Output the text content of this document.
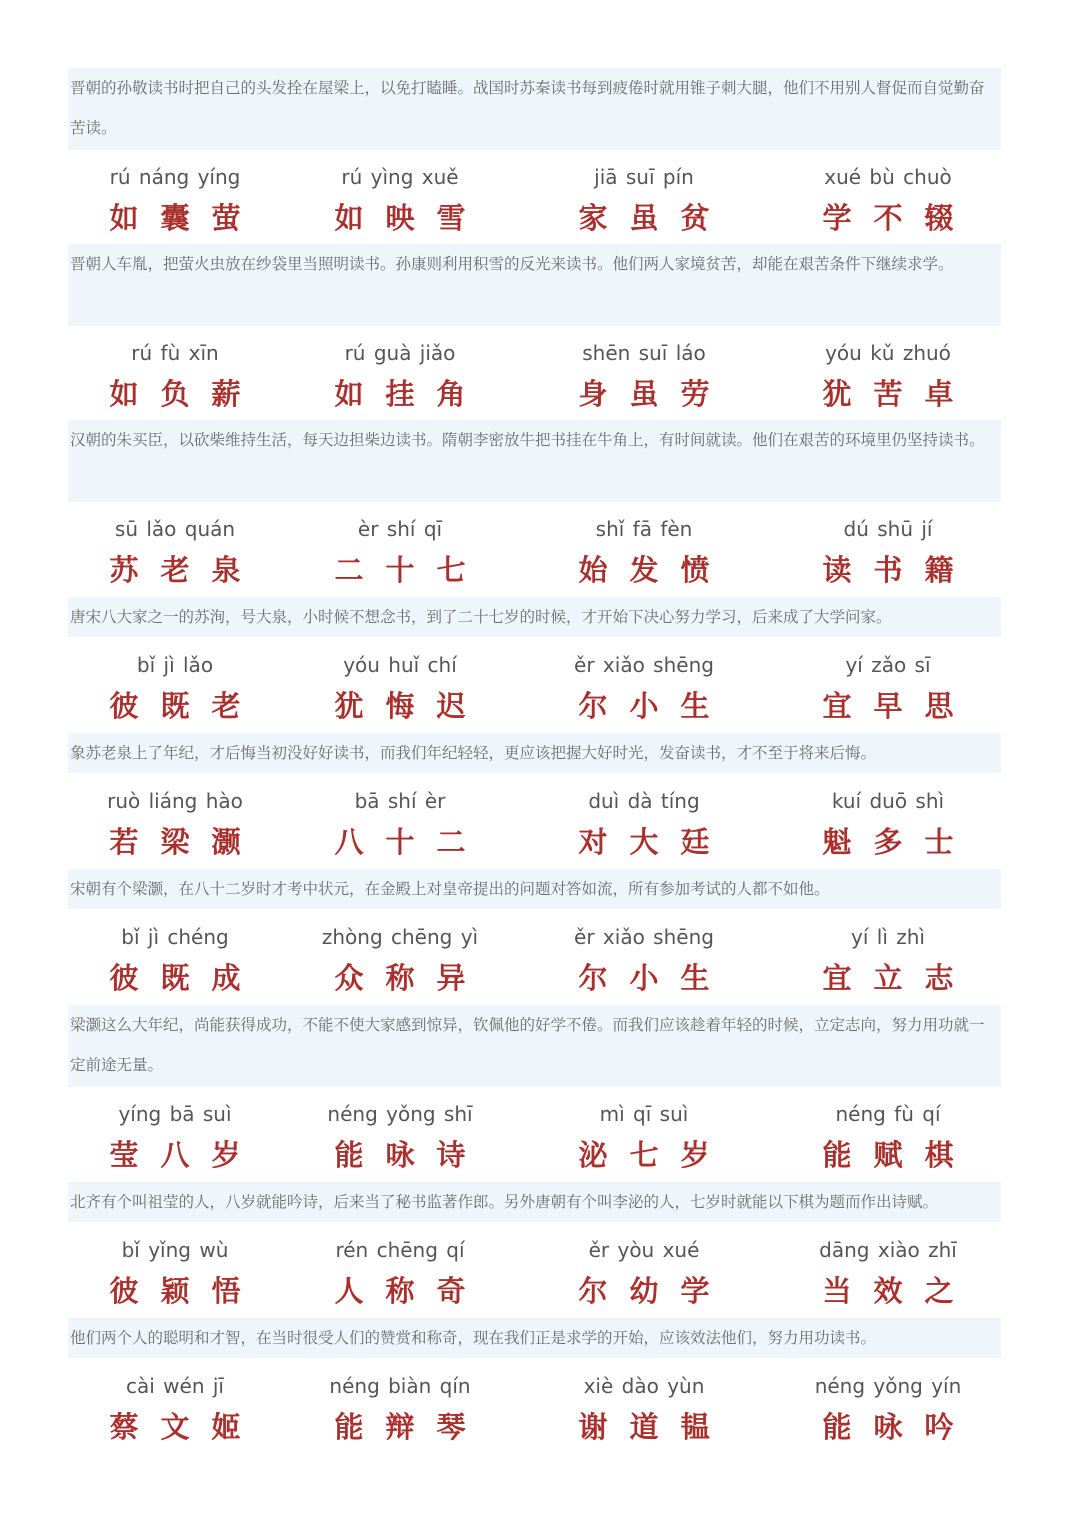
晋朝的孙敬读书时把自己的头发拴在屋梁上，以免打瞌睡。战国时苏秦读书每到疲倦时就用锥子刺大腿，他们不用别人督促而自觉勤奋苦读。
rú náng yíng
如 囊 萤
rú yìng xuě
如 映 雪
jiā suī pín
家 虽 贫
xué bù chuò
学 不 辍
晋朝人车胤，把萤火虫放在纱袋里当照明读书。孙康则利用积雪的反光来读书。他们两人家境贫苦，却能在艰苦条件下继续求学。
rú fù xīn
如 负 薪
rú guà jiǎo
如 挂 角
shēn suī láo
身 虽 劳
yóu kǔ zhuó
犹 苦 卓
汉朝的朱买臣，以砍柴维持生活，每天边担柴边读书。隋朝李密放牛把书挂在牛角上，有时间就读。他们在艰苦的环境里仍坚持读书。
sū lǎo quán
苏 老 泉
èr shí qī
二 十 七
shǐ fā fèn
始 发 愤
dú shū jí
读 书 籍
唐宋八大家之一的苏洵，号大泉，小时候不想念书，到了二十七岁的时候，才开始下决心努力学习，后来成了大学问家。
bǐ jì lǎo
彼 既 老
yóu huǐ chí
犹 悔 迟
ěr xiǎo shēng
尔 小 生
yí zǎo sī
宜 早 思
象苏老泉上了年纪，才后悔当初没好好读书，而我们年纪轻轻，更应该把握大好时光，发奋读书，才不至于将来后悔。
ruò liáng hào
若 梁 灏
bā shí èr
八 十 二
duì dà tíng
对 大 廷
kuí duō shì
魁 多 士
宋朝有个梁灏，在八十二岁时才考中状元，在金殿上对皇帝提出的问题对答如流，所有参加考试的人都不如他。
bǐ jì chéng
彼 既 成
zhòng chēng yì
众 称 异
ěr xiǎo shēng
尔 小 生
yí lì zhì
宜 立 志
梁灏这么大年纪，尚能获得成功，不能不使大家感到惊异，钦佩他的好学不倦。而我们应该趁着年轻的时候，立定志向，努力用功就一定前途无量。
yíng bā suì
莹 八 岁
néng yǒng shī
能 咏 诗
mì qī suì
泌 七 岁
néng fù qí
能 赋 棋
北齐有个叫祖莹的人，八岁就能吟诗，后来当了秘书监著作郎。另外唐朝有个叫李泌的人，七岁时就能以下棋为题而作出诗赋。
bǐ yǐng wù
彼 颖 悟
rén chēng qí
人 称 奇
ěr yòu xué
尔 幼 学
dāng xiào zhī
当 效 之
他们两个人的聪明和才智，在当时很受人们的赞赏和称奇，现在我们正是求学的开始，应该效法他们，努力用功读书。
cài wén jī
蔡 文 姬
néng biàn qín
能 辩 琴
xiè dào yùn
谢 道 韫
néng yǒng yín
能 咏 吟
